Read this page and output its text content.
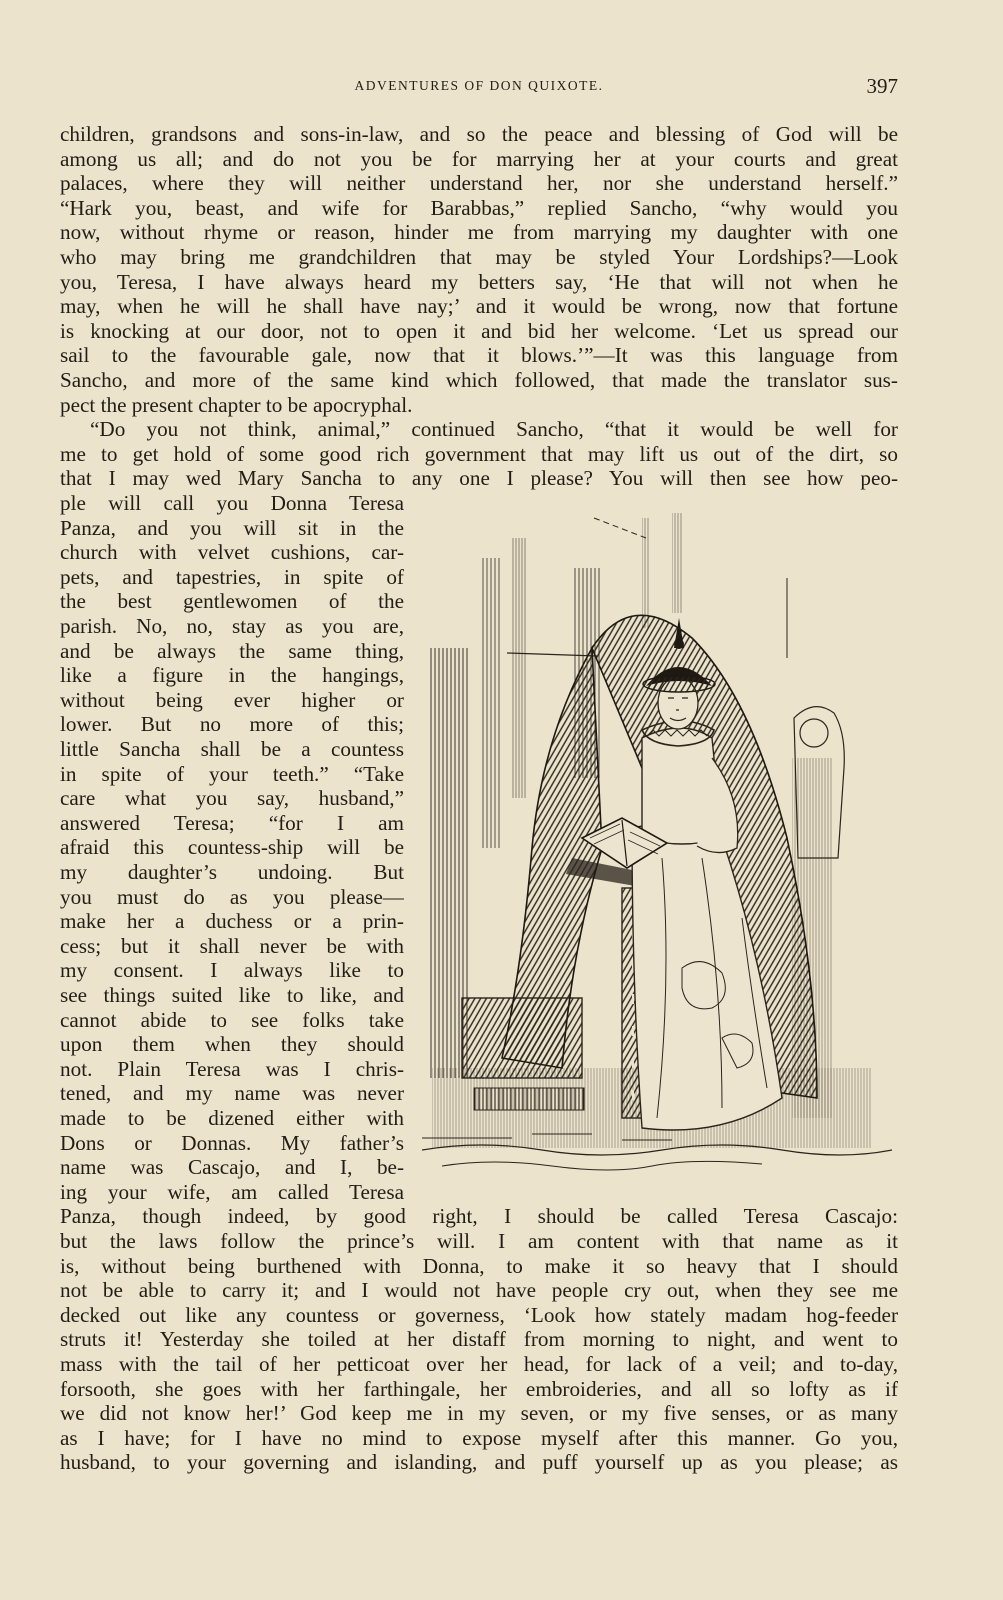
ADVENTURES OF DON QUIXOTE.	397
children, grandsons and sons-in-law, and so the peace and blessing of God will be
among us all; and do not you be for marrying her at your courts and great
palaces, where they will neither understand her, nor she understand herself.”
“Hark you, beast, and wife for Barabbas,” replied Sancho, “why would you
now, without rhyme or reason, hinder me from marrying my daughter with one
who may bring me grandchildren that may be styled Your Lordships?—Look
you, Teresa, I have always heard my betters say, ‘He that will not when he
may, when he will he shall have nay;’ and it would be wrong, now that fortune
is knocking at our door, not to open it and bid her welcome. ‘Let us spread our
sail to the favourable gale, now that it blows.’”—It was this language from
Sancho, and more of the same kind which followed, that made the translator sus-
pect the present chapter to be apocryphal.
“Do you not think, animal,” continued Sancho, “that it would be well for
me to get hold of some good rich government that may lift us out of the dirt, so
that I may wed Mary Sancha to any one I please? You will then see how peo-
ple will call you Donna Teresa
Panza, and you will sit in the
church with velvet cushions, car-
pets, and tapestries, in spite of
the best gentlewomen of the
parish. No, no, stay as you are,
and be always the same thing,
like a figure in the hangings,
without being ever higher or
lower. But no more of this;
little Sancha shall be a countess
in spite of your teeth.” “Take
care what you say, husband,”
answered Teresa; “for I am
afraid this countess-ship will be
my daughter’s undoing. But
you must do as you please—
make her a duchess or a prin-
cess; but it shall never be with
my consent. I always like to
see things suited like to like, and
cannot abide to see folks take
upon them when they should
not. Plain Teresa was I chris-
tened, and my name was never
made to be dizened either with
Dons or Donnas. My father’s
name was Cascajo, and I, be-
ing your wife, am called Teresa
Panza, though indeed, by good right, I should be called Teresa Cascajo:
but the laws follow the prince’s will. I am content with that name as it
is, without being burthened with Donna, to make it so heavy that I should
not be able to carry it; and I would not have people cry out, when they see me
decked out like any countess or governess, ‘Look how stately madam hog-feeder
struts it! Yesterday she toiled at her distaff from morning to night, and went to
mass with the tail of her petticoat over her head, for lack of a veil; and to-day,
forsooth, she goes with her farthingale, her embroideries, and all so lofty as if
we did not know her!’ God keep me in my seven, or my five senses, or as many
as I have; for I have no mind to expose myself after this manner. Go you,
husband, to your governing and islanding, and puff yourself up as you please; as
